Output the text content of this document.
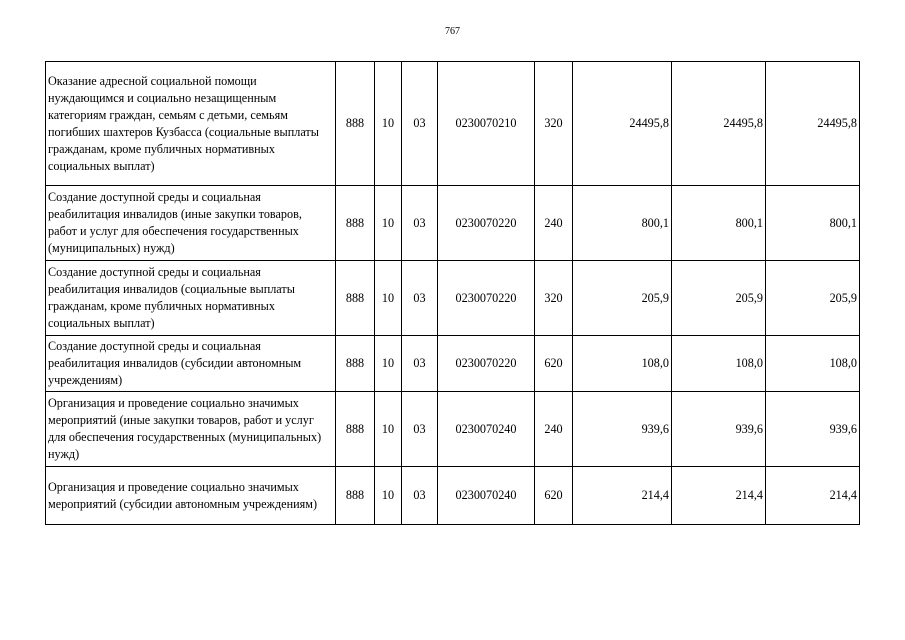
767
Оказание адресной социальной помощи нуждающимся и социально незащищенным категориям граждан, семьям с детьми, семьям погибших шахтеров Кузбасса (социальные выплаты гражданам, кроме публичных нормативных социальных выплат)	888	10	03	0230070210	320	24495,8	24495,8	24495,8
Создание доступной среды и социальная реабилитация инвалидов (иные закупки товаров, работ и услуг для обеспечения государственных (муниципальных) нужд)	888	10	03	0230070220	240	800,1	800,1	800,1
Создание доступной среды и социальная реабилитация инвалидов (социальные выплаты гражданам, кроме публичных нормативных социальных выплат)	888	10	03	0230070220	320	205,9	205,9	205,9
Создание доступной среды и социальная реабилитация инвалидов (субсидии автономным учреждениям)	888	10	03	0230070220	620	108,0	108,0	108,0
Организация и проведение социально значимых мероприятий (иные закупки товаров, работ и услуг для обеспечения государственных (муниципальных) нужд)	888	10	03	0230070240	240	939,6	939,6	939,6
Организация и проведение социально значимых мероприятий (субсидии автономным учреждениям)	888	10	03	0230070240	620	214,4	214,4	214,4
